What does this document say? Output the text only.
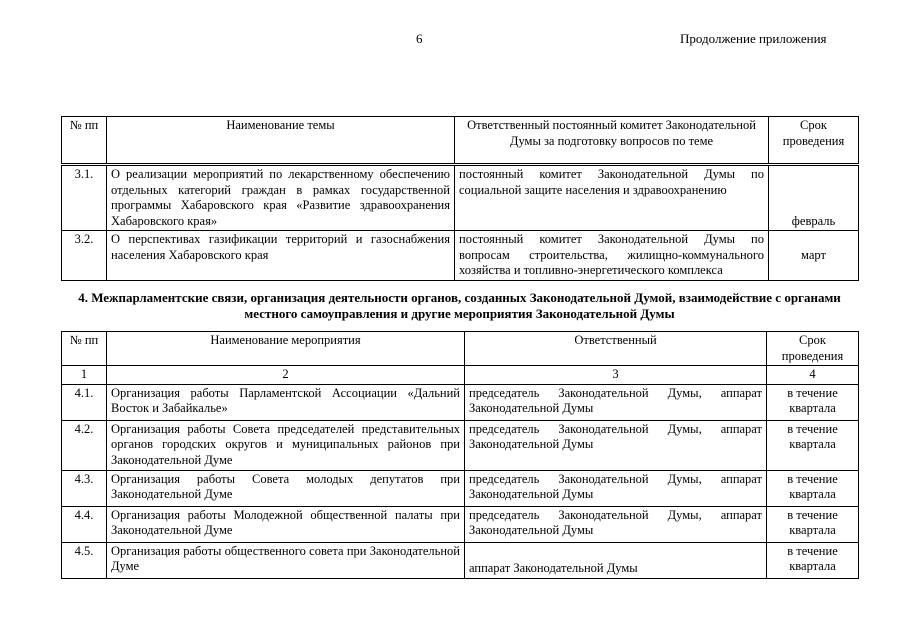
6	Продолжение приложения
№ пп	Наименование темы	Ответственный постоянный комитет Законодательной Думы за подготовку вопросов по теме	Срок проведения
3.1.	О реализации мероприятий по лекарственному обеспечению отдельных категорий граждан в рамках государственной программы Хабаровского края «Развитие здравоохранения Хабаровского края»	постоянный комитет Законодательной Думы по социальной защите населения и здравоохранению	февраль
3.2.	О перспективах газификации территорий и газоснабжения населения Хабаровского края	постоянный комитет Законодательной Думы по вопросам строительства, жилищно-коммунального хозяйства и топливно-энергетического комплекса	март
4. Межпарламентские связи, организация деятельности органов, созданных Законодательной Думой, взаимодействие с органами местного самоуправления и другие мероприятия Законодательной Думы
№ пп	Наименование мероприятия	Ответственный	Срок проведения
1	2	3	4
4.1.	Организация работы Парламентской Ассоциации «Дальний Восток и Забайкалье»	председатель Законодательной Думы, аппарат Законодательной Думы	в течение квартала
4.2.	Организация работы Совета председателей представительных органов городских округов и муниципальных районов при Законодательной Думе	председатель Законодательной Думы, аппарат Законодательной Думы	в течение квартала
4.3.	Организация работы Совета молодых депутатов при Законодательной Думе	председатель Законодательной Думы, аппарат Законодательной Думы	в течение квартала
4.4.	Организация работы Молодежной общественной палаты при Законодательной Думе	председатель Законодательной Думы, аппарат Законодательной Думы	в течение квартала
4.5.	Организация работы общественного совета при Законодательной Думе	аппарат Законодательной Думы	в течение квартала
